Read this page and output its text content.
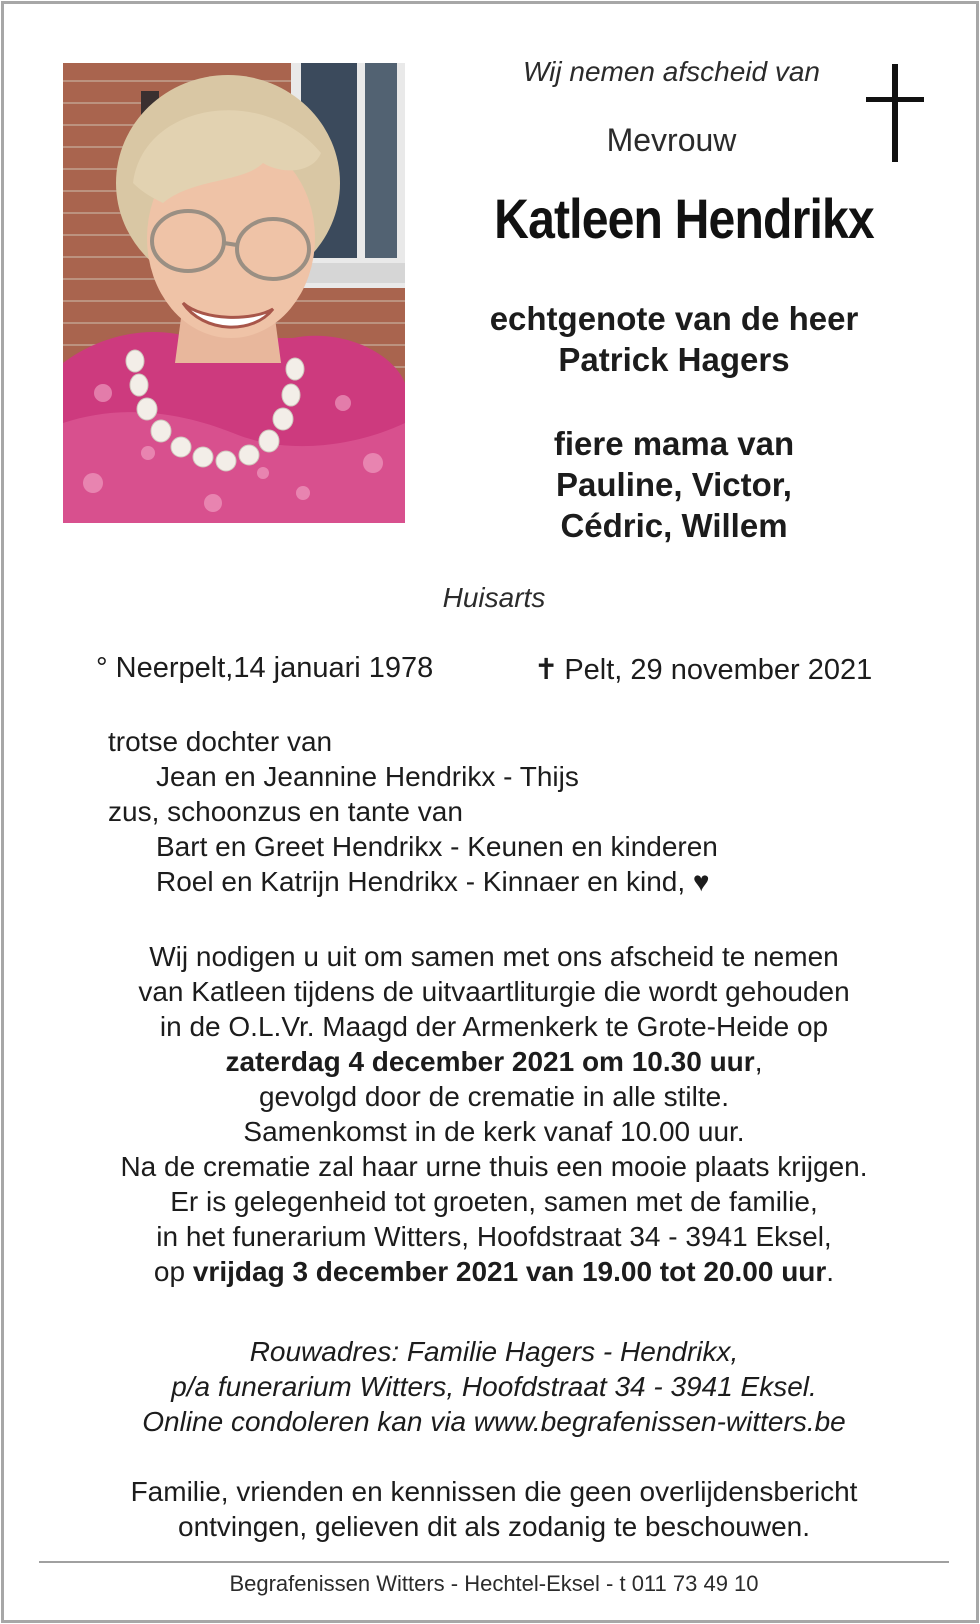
Wij nemen afscheid van
Mevrouw
Katleen Hendrikx
echtgenote van de heer
Patrick Hagers
fiere mama van
Pauline, Victor,
Cédric, Willem
Huisarts
° Neerpelt,14 januari 1978	✝ Pelt, 29 november 2021
trotse dochter van
Jean en Jeannine Hendrikx - Thijs
zus, schoonzus en tante van
Bart en Greet Hendrikx - Keunen en kinderen
Roel en Katrijn Hendrikx - Kinnaer en kind, ♥
Wij nodigen u uit om samen met ons afscheid te nemen
van Katleen tijdens de uitvaartliturgie die wordt gehouden
in de O.L.Vr. Maagd der Armenkerk te Grote-Heide op
zaterdag 4 december 2021 om 10.30 uur,
gevolgd door de crematie in alle stilte.
Samenkomst in de kerk vanaf 10.00 uur.
Na de crematie zal haar urne thuis een mooie plaats krijgen.
Er is gelegenheid tot groeten, samen met de familie,
in het funerarium Witters, Hoofdstraat 34 - 3941 Eksel,
op vrijdag 3 december 2021 van 19.00 tot 20.00 uur.
Rouwadres: Familie Hagers - Hendrikx,
p/a funerarium Witters, Hoofdstraat 34 - 3941 Eksel.
Online condoleren kan via www.begrafenissen-witters.be
Familie, vrienden en kennissen die geen overlijdensbericht
ontvingen, gelieven dit als zodanig te beschouwen.
Begrafenissen Witters - Hechtel-Eksel - t 011 73 49 10
